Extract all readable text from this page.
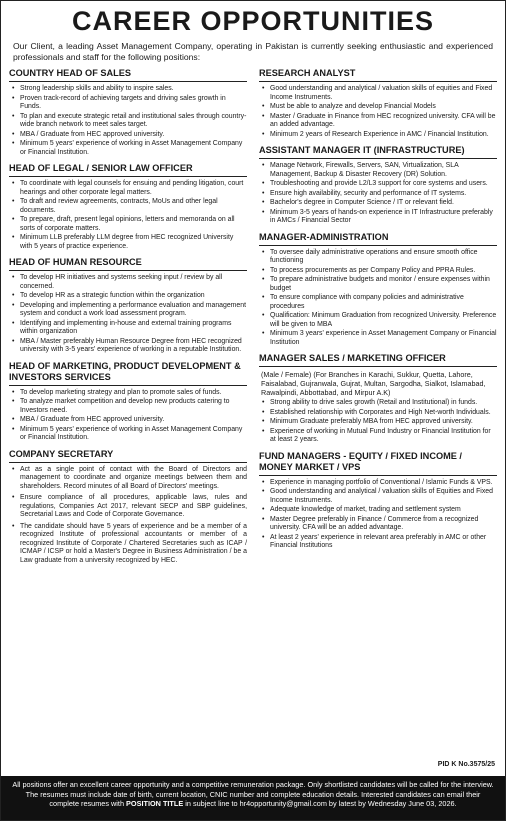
CAREER OPPORTUNITIES

Our Client, a leading Asset Management Company, operating in Pakistan is currently seeking enthusiastic and experienced professionals and staff for the following positions:

COUNTRY HEAD OF SALES
• Strong leadership skills and ability to inspire sales.
• Proven track-record of achieving targets and driving sales growth in Funds.
• To plan and execute strategic retail and institutional sales through country-wide branch network to meet sales target.
• MBA / Graduate from HEC approved university.
• Minimum 5 years' experience of working in Asset Management Company or Financial Institution.
HEAD OF LEGAL / SENIOR LAW OFFICER
• To coordinate with legal counsels for ensuing and pending litigation, court hearings and other corporate legal matters.
• To draft and review agreements, contracts, MoUs and other legal documents.
• To prepare, draft, present legal opinions, letters and memoranda on all sorts of corporate matters.
• Minimum LLB preferably LLM degree from HEC recognized University with 5 years of practice experience.
HEAD OF HUMAN RESOURCE
• To develop HR initiatives and systems seeking input / review by all concerned.
• To develop HR as a strategic function within the organization
• Developing and implementing a performance evaluation and management system and conduct a work load assessment program.
• Identifying and implementing in-house and external training programs within organization
• MBA / Master preferably Human Resource Degree from HEC recognized university with 3-5 years' experience of working in a reputable Institution.
HEAD OF MARKETING, PRODUCT DEVELOPMENT & INVESTORS SERVICES
• To develop marketing strategy and plan to promote sales of funds.
• To analyze market competition and develop new products catering to Investors need.
• MBA / Graduate from HEC approved university.
• Minimum 5 years' experience of working in Asset Management Company or Financial Institution.
COMPANY SECRETARY
• Act as a single point of contact with the Board of Directors and management to coordinate and organize meetings between them and shareholders. Record minutes of all Board of Directors' meetings.
• Ensure compliance of all procedures, applicable laws, rules and regulations, Companies Act 2017, relevant SECP and SBP guidelines, Secretarial Laws and Code of Corporate Governance.
• The candidate should have 5 years of experience and be a member of a recognized Institute of professional accountants or member of a recognized Institute of Corporate / Chartered Secretaries such as ICAP / ICMAP / ICSP or hold a Master's Degree in Business Administration / be a Law graduate from a university recognized by HEC.
RESEARCH ANALYST
• Good understanding and analytical / valuation skills of equities and Fixed Income Instruments.
• Must be able to analyze and develop Financial Models
• Master / Graduate in Finance from HEC recognized university. CFA will be an added advantage.
• Minimum 2 years of Research Experience in AMC / Financial Institution.
ASSISTANT MANAGER IT (INFRASTRUCTURE)
• Manage Network, Firewalls, Servers, SAN, Virtualization, SLA Management, Backup & Disaster Recovery (DR) Solution.
• Troubleshooting and provide L2/L3 support for core systems and users.
• Ensure high availability, security and performance of IT systems.
• Bachelor's degree in Computer Science / IT or relevant field.
• Minimum 3-5 years of hands-on experience in IT Infrastructure preferably in AMCs / Financial Sector
MANAGER-ADMINISTRATION
• To oversee daily administrative operations and ensure smooth office functioning
• To process procurements as per Company Policy and PPRA Rules.
• To prepare administrative budgets and monitor / ensure expenses within budget
• To ensure compliance with company policies and administrative procedures
• Qualification: Minimum Graduation from recognized University. Preference will be given to MBA
• Minimum 3 years' experience in Asset Management Company or Financial Institution
MANAGER SALES / MARKETING OFFICER
(Male / Female) (For Branches in Karachi, Sukkur, Quetta, Lahore, Faisalabad, Gujranwala, Gujrat, Multan, Sargodha, Sialkot, Islamabad, Rawalpindi, Abbottabad, and Mirpur A.K)
• Strong ability to drive sales growth (Retail and Institutional) in funds.
• Established relationship with Corporates and High Net-worth Individuals.
• Minimum Graduate preferably MBA from HEC approved university.
• Experience of working in Mutual Fund Industry or Financial Institution for at least 2 years.
FUND MANAGERS - EQUITY / FIXED INCOME / MONEY MARKET / VPS
• Experience in managing portfolio of Conventional / Islamic Funds & VPS.
• Good understanding and analytical / valuation skills of Equities and Fixed Income Instruments.
• Adequate knowledge of market, trading and settlement system
• Master Degree preferably in Finance / Commerce from a recognized university. CFA will be an added advantage.
• At least 2 years' experience in relevant area preferably in AMC or other Financial Institutions
PID K No.3575/25
All positions offer an excellent career opportunity and a competitive remuneration package. Only shortlisted candidates will be called for the interview. The resumes must include date of birth, current location, CNIC number and complete education details. Interested candidates can email their complete resumes with POSITION TITLE in subject line to hr4opportunity@gmail.com by latest by Wednesday June 03, 2026.
